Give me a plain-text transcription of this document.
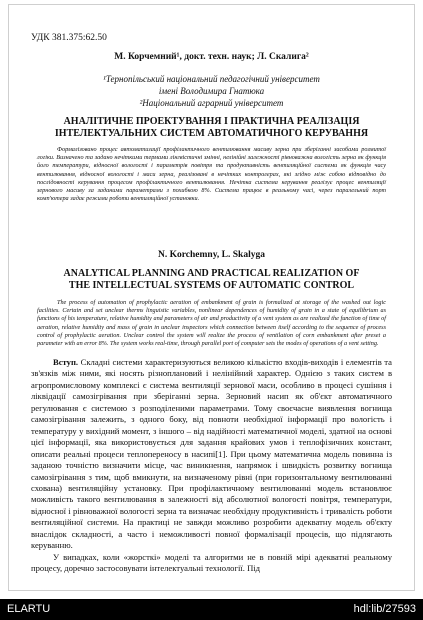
УДК 381.375:62.50
М. Корчемний¹, докт. техн. наук; Л. Скалига²
¹Тернопільський національний педагогічний університет
імені Володимира Гнатюка
²Національний аграрний університет
АНАЛІТИЧНЕ ПРОЕКТУВАННЯ І ПРАКТИЧНА РЕАЛІЗАЦІЯ
ІНТЕЛЕКТУАЛЬНИХ СИСТЕМ АВТОМАТИЧНОГО КЕРУВАННЯ
Формалізовано процес автоматизації профілактичного вентилювання масиву зерна при зберіганні засобами розмитої логіки. Визначено та задано нечіткими термами лінгвістичні змінні, нелінійні залежності рівноважна вологість зерна як функція його температури, відносної вологості і параметрів повітря та продуктивність вентиляційної системи як функція часу вентилювання, відносної вологості і маси зерна, реалізовані в нечітких контролерах, які згідно між собою відповідно до послідовності керування процесом профілактичного вентилювання. Нечітка система керування реалізує процес вентиляції зернового масиву за заданими параметрами з похибкою 8%. Система працює в реальному часі, через паралельний порт комп'ютера задає режими роботи вентиляційної установки.
N. Korchemny, L. Skalyga
ANALYTICAL PLANNING AND PRACTICAL REALIZATION OF
THE INTELLECTUAL SYSTEMS OF AUTOMATIC CONTROL
The process of automation of prophylactic aeration of embankment of grain is formalized at storage of the washed out logic facilities. Certain and set unclear therms linguistic variables, nonlinear dependences of humidity of grain in a state of equilibrium as functions of his temperature, relative humidity and parameters of air and productivity of a vent system as are realized the function of time of aeration, relative humidity and mass of grain in unclear inspectors which connection between itself according to the sequence of process control of prophylactic aeration. Unclear control the system will realize the process of ventilation of corn embankment after preset a parameter with an error 8%. The system works real-time, through parallel port of computer sets the modes of operations of a vent setting.

Вступ. Складні системи характеризуються великою кількістю входів-виходів і елементів та зв'язків між ними, які носять різноплановий і нелінійний характер. Однією з таких систем в агропромисловому комплексі є система вентиляції зернової маси, особливо в процесі сушіння і ліквідації самозігрівання при зберіганні зерна. Зерновий насип як об'єкт автоматичного регулювання є системою з розподіленими параметрами. Тому своєчасне виявлення вогнища самозігрівання залежить, з одного боку, від повноти необхідної інформації про вологість і температуру у вихідний момент, з іншого – від надійності математичної моделі, здатної на основі цієї інформації, яка використовується для задання крайових умов і теплофізичних констант, описати реальні процеси теплопереносу в насипі[1]. При цьому математична модель повинна із заданою точністю визначити місце, час виникнення, напрямок і швидкість розвитку вогнища самозігрівання з тим, щоб вмикнути, на визначеному рівні (при горизонтальному вентилюванні схована) вентиляційну установку. При профілактичному вентилюванні модель встановлює можливість такого вентилювання в залежності від абсолютної вологості повітря, температури, відносної і рівноважної вологості зерна та визначає необхідну продуктивність і тривалість роботи вентиляційної системи. На практиці не завжди можливо розробити адекватну модель об'єкту внаслідок складності, а часто і неможливості повної формалізації процесів, що підлягають керуванню.

У випадках, коли «жорсткі» моделі та алгоритми не в повній мірі адекватні реальному процесу, доречно застосовувати інтелектуальні технології. Під

ELARTU	hdl:lib/27593
